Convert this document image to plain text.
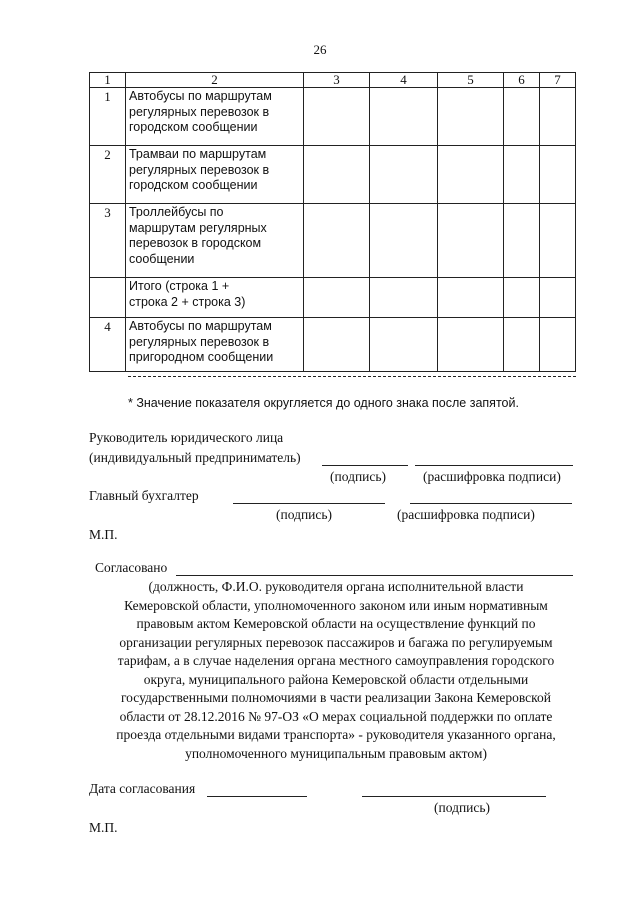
26
1	2	3	4	5	6	7
1	Автобусы по маршрутам
регулярных перевозок в
городском сообщении					

2	Трамваи по маршрутам
регулярных перевозок в
городском сообщении					

3	Троллейбусы по
маршрутам регулярных
перевозок в городском
сообщении					

	Итого (строка 1 +
строка 2 + строка 3)					

4	Автобусы по маршрутам
регулярных перевозок в
пригородном сообщении					

* Значение показателя округляется до одного знака после запятой.
Руководитель юридического лица
(индивидуальный предприниматель)
(подпись)	(расшифровка подписи)
Главный бухгалтер
(подпись)	(расшифровка подписи)
М.П.
Согласовано
(должность, Ф.И.О. руководителя органа исполнительной власти
Кемеровской области, уполномоченного законом или иным нормативным
правовым актом Кемеровской области на осуществление функций по
организации регулярных перевозок пассажиров и багажа по регулируемым
тарифам, а в случае наделения органа местного самоуправления городского
округа, муниципального района Кемеровской области отдельными
государственными полномочиями в части реализации Закона Кемеровской
области от 28.12.2016 № 97-ОЗ «О мерах социальной поддержки по оплате
проезда отдельными видами транспорта» - руководителя указанного органа,
уполномоченного муниципальным правовым актом)
Дата согласования
(подпись)
М.П.
